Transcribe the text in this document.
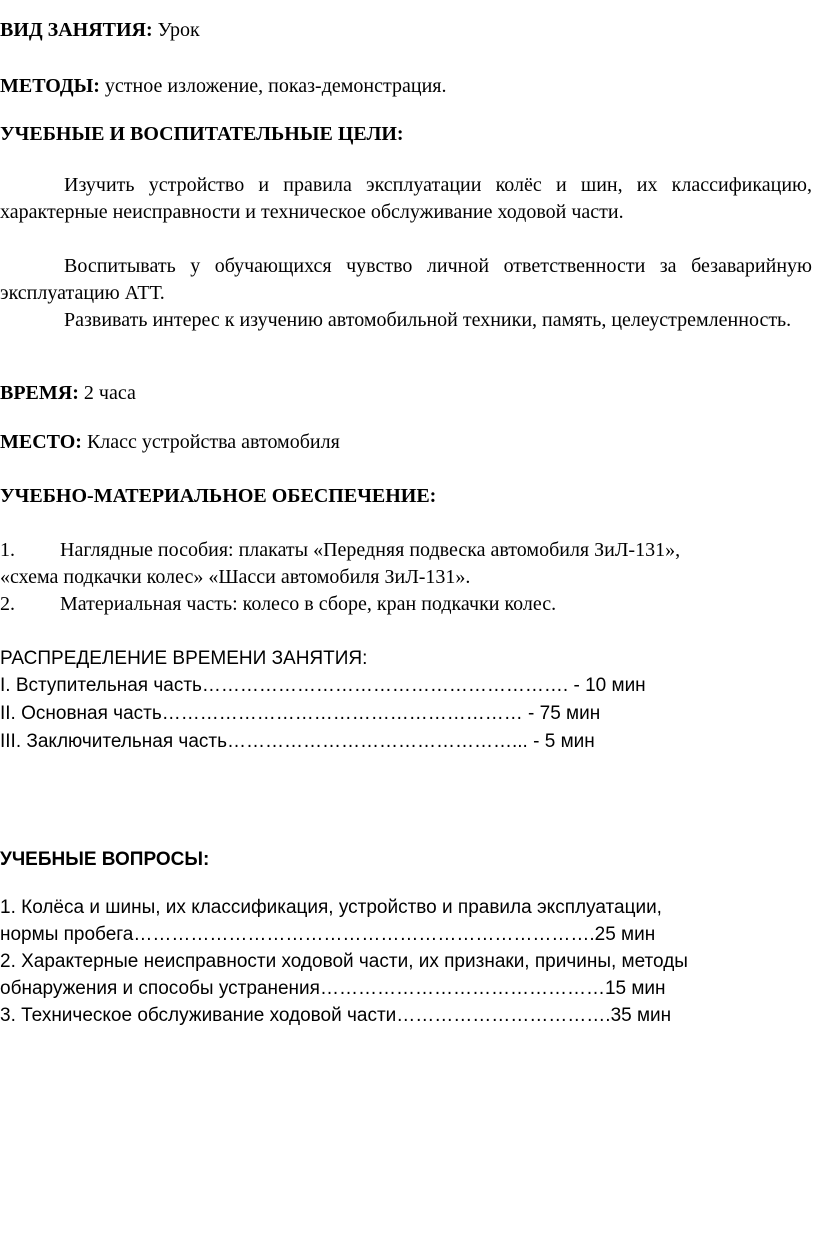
ВИД ЗАНЯТИЯ: Урок
МЕТОДЫ: устное изложение, показ-демонстрация.
УЧЕБНЫЕ И ВОСПИТАТЕЛЬНЫЕ ЦЕЛИ:
Изучить устройство и правила эксплуатации колёс и шин, их классификацию, характерные неисправности и техническое обслуживание ходовой части.
Воспитывать у обучающихся чувство личной ответственности за безаварийную эксплуатацию АТТ.
Развивать интерес к изучению автомобильной техники, память, целеустремленность.
ВРЕМЯ: 2 часа
МЕСТО: Класс устройства автомобиля
УЧЕБНО-МАТЕРИАЛЬНОЕ ОБЕСПЕЧЕНИЕ:
1. Наглядные пособия: плакаты «Передняя подвеска автомобиля ЗиЛ-131»,
«схема подкачки колес» «Шасси автомобиля ЗиЛ-131».
2. Материальная часть: колесо в сборе, кран подкачки колес.
РАСПРЕДЕЛЕНИЕ ВРЕМЕНИ ЗАНЯТИЯ:
I. Вступительная часть…………………………………………………. - 10 мин
II. Основная часть………………………………………………… - 75 мин
III. Заключительная часть………………………………………... - 5 мин
УЧЕБНЫЕ ВОПРОСЫ:
1. Колёса и шины, их классификация, устройство и правила эксплуатации,
нормы пробега……………………………………………………………….25 мин
2. Характерные неисправности ходовой части, их признаки, причины, методы
обнаружения и способы устранения………………………………………15 мин
3. Техническое обслуживание ходовой части…………………………….35 мин
